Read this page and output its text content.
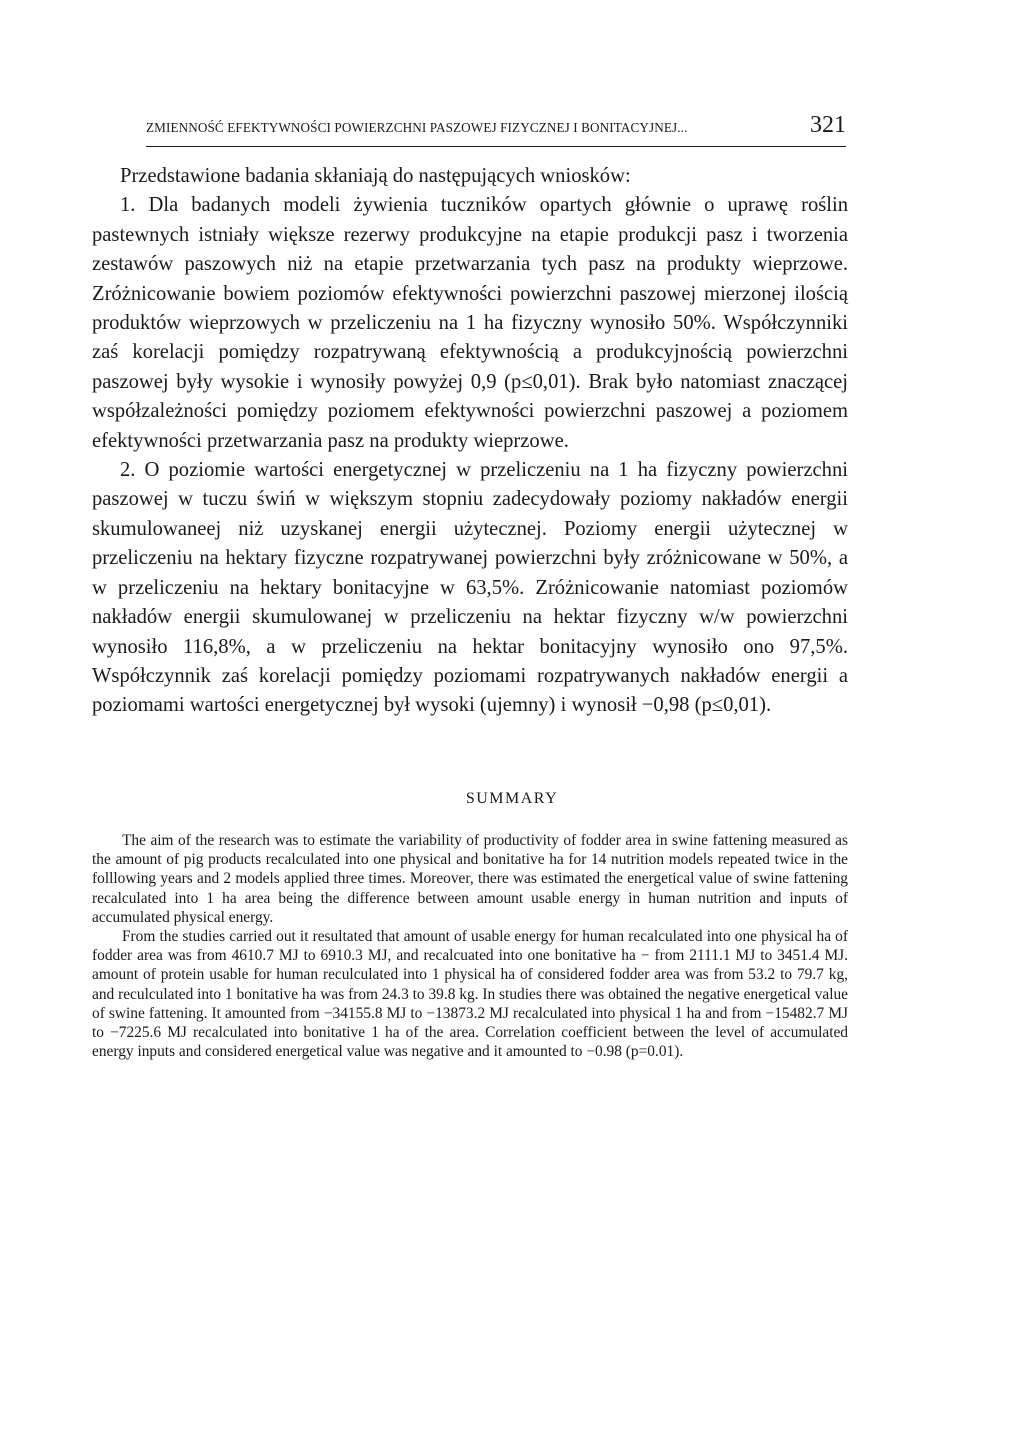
ZMIENNOŚĆ EFEKTYWNOŚCI POWIERZCHNI PASZOWEJ FIZYCZNEJ I BONITACYJNEJ...	321

Przedstawione badania skłaniają do następujących wniosków:

1. Dla badanych modeli żywienia tuczników opartych głównie o uprawę roślin pastewnych istniały większe rezerwy produkcyjne na etapie produkcji pasz i tworzenia zestawów paszowych niż na etapie przetwarzania tych pasz na produkty wieprzowe. Zróżnicowanie bowiem poziomów efektywności powierzchni paszowej mierzonej ilością produktów wieprzowych w przeliczeniu na 1 ha fizyczny wynosiło 50%. Współczynniki zaś korelacji pomiędzy rozpatrywaną efektywnością a produkcyjnością powierzchni paszowej były wysokie i wynosiły powyżej 0,9 (p≤0,01). Brak było natomiast znaczącej współzależności pomiędzy poziomem efektywności powierzchni paszowej a poziomem efektywności przetwarzania pasz na produkty wieprzowe.

2. O poziomie wartości energetycznej w przeliczeniu na 1 ha fizyczny powierzchni paszowej w tuczu świń w większym stopniu zadecydowały poziomy nakładów energii skumulowaneej niż uzyskanej energii użytecznej. Poziomy energii użytecznej w przeliczeniu na hektary fizyczne rozpatrywanej powierzchni były zróżnicowane w 50%, a w przeliczeniu na hektary bonitacyjne w 63,5%. Zróżnicowanie natomiast poziomów nakładów energii skumulowanej w przeliczeniu na hektar fizyczny w/w powierzchni wynosiło 116,8%, a w przeliczeniu na hektar bonitacyjny wynosiło ono 97,5%. Współczynnik zaś korelacji pomiędzy poziomami rozpatrywanych nakładów energii a poziomami wartości energetycznej był wysoki (ujemny) i wynosił −0,98 (p≤0,01).

SUMMARY

The aim of the research was to estimate the variability of productivity of fodder area in swine fattening measured as the amount of pig products recalculated into one physical and bonitative ha for 14 nutrition models repeated twice in the folllowing years and 2 models applied three times. Moreover, there was estimated the energetical value of swine fattening recalculated into 1 ha area being the difference between amount usable energy in human nutrition and inputs of accumulated physical energy.

From the studies carried out it resultated that amount of usable energy for human recalculated into one physical ha of fodder area was from 4610.7 MJ to 6910.3 MJ, and recalcuated into one bonitative ha − from 2111.1 MJ to 3451.4 MJ. amount of protein usable for human reculculated into 1 physical ha of considered fodder area was from 53.2 to 79.7 kg, and reculculated into 1 bonitative ha was from 24.3 to 39.8 kg. In studies there was obtained the negative energetical value of swine fattening. It amounted from −34155.8 MJ to −13873.2 MJ recalculated into physical 1 ha and from −15482.7 MJ to −7225.6 MJ recalculated into bonitative 1 ha of the area. Correlation coefficient between the level of accumulated energy inputs and considered energetical value was negative and it amounted to −0.98 (p=0.01).
